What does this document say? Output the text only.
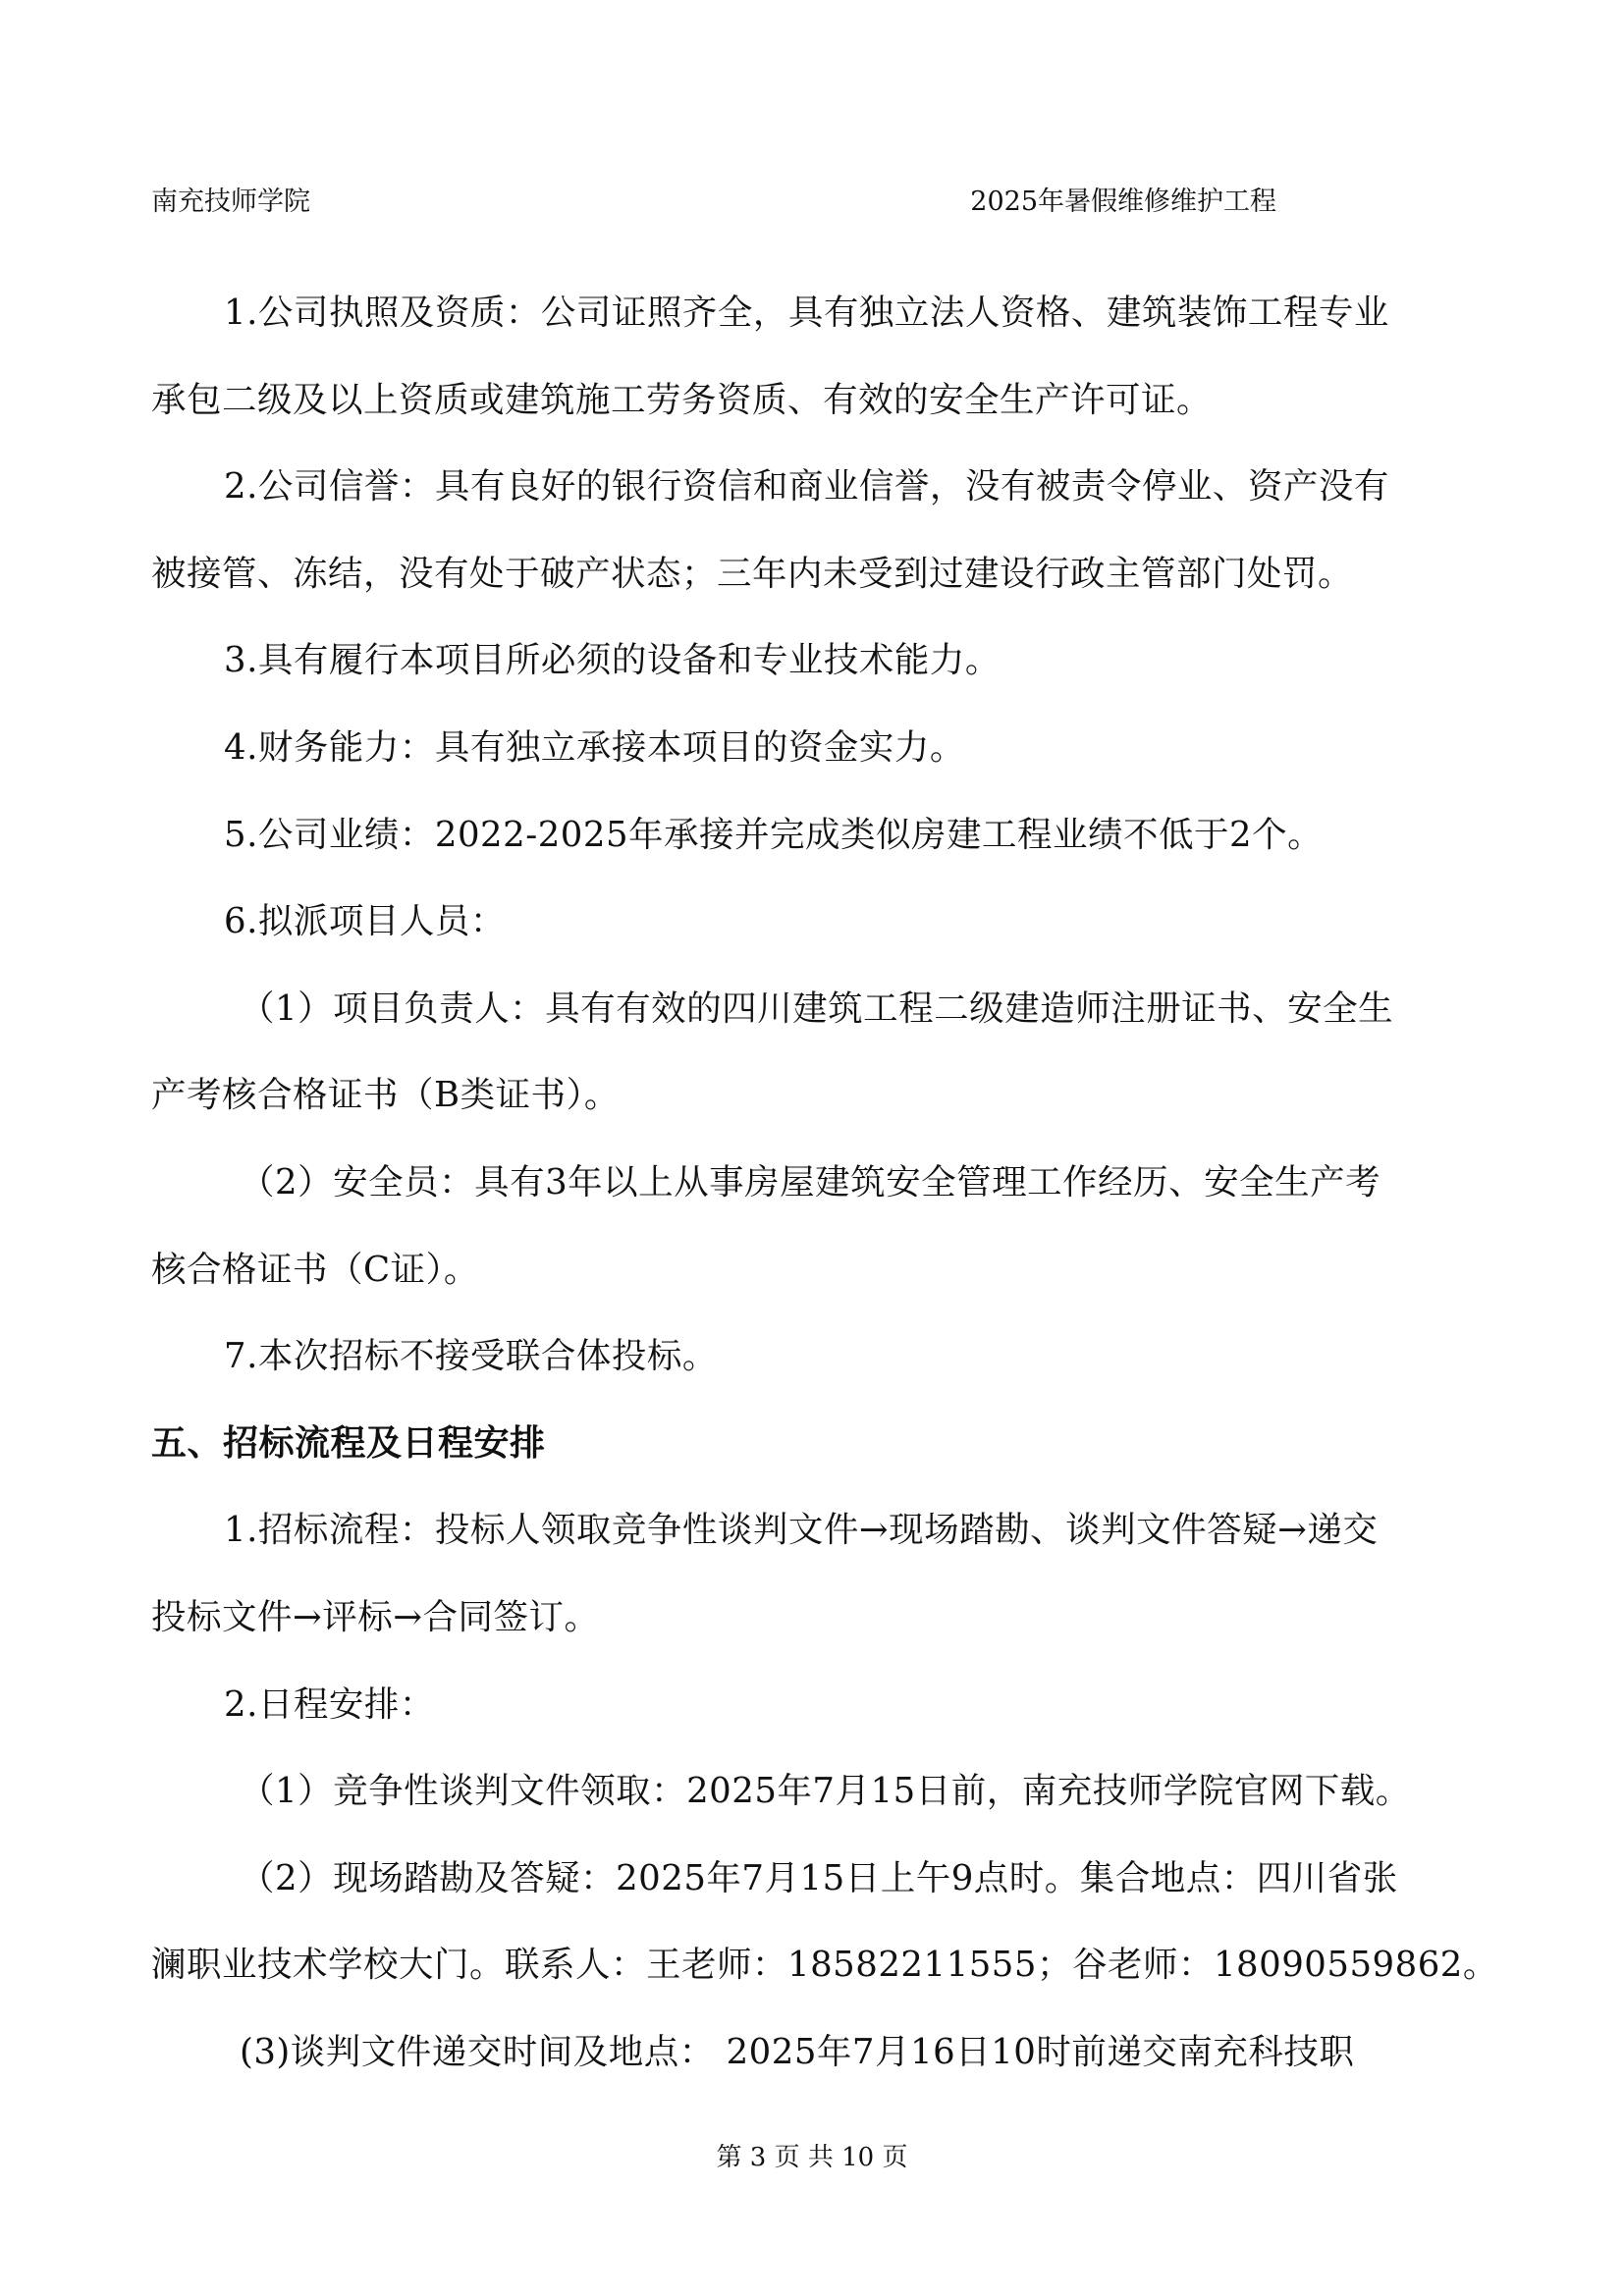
南充技师学院	2025年暑假维修维护工程
1.公司执照及资质：公司证照齐全，具有独立法人资格、建筑装饰工程专业
承包二级及以上资质或建筑施工劳务资质、有效的安全生产许可证。
2.公司信誉：具有良好的银行资信和商业信誉，没有被责令停业、资产没有
被接管、冻结，没有处于破产状态；三年内未受到过建设行政主管部门处罚。
3.具有履行本项目所必须的设备和专业技术能力。
4.财务能力：具有独立承接本项目的资金实力。
5.公司业绩：2022-2025年承接并完成类似房建工程业绩不低于2个。
6.拟派项目人员：
（1）项目负责人：具有有效的四川建筑工程二级建造师注册证书、安全生
产考核合格证书（B类证书）。
（2）安全员：具有3年以上从事房屋建筑安全管理工作经历、安全生产考
核合格证书（C证）。
7.本次招标不接受联合体投标。
五、招标流程及日程安排
1.招标流程：投标人领取竞争性谈判文件→现场踏勘、谈判文件答疑→递交
投标文件→评标→合同签订。
2.日程安排：
（1）竞争性谈判文件领取：2025年7月15日前，南充技师学院官网下载。
（2）现场踏勘及答疑：2025年7月15日上午9点时。集合地点：四川省张
澜职业技术学校大门。联系人：王老师：18582211555；谷老师：18090559862。
(3)谈判文件递交时间及地点： 2025年7月16日10时前递交南充科技职
第 3 页 共 10 页
